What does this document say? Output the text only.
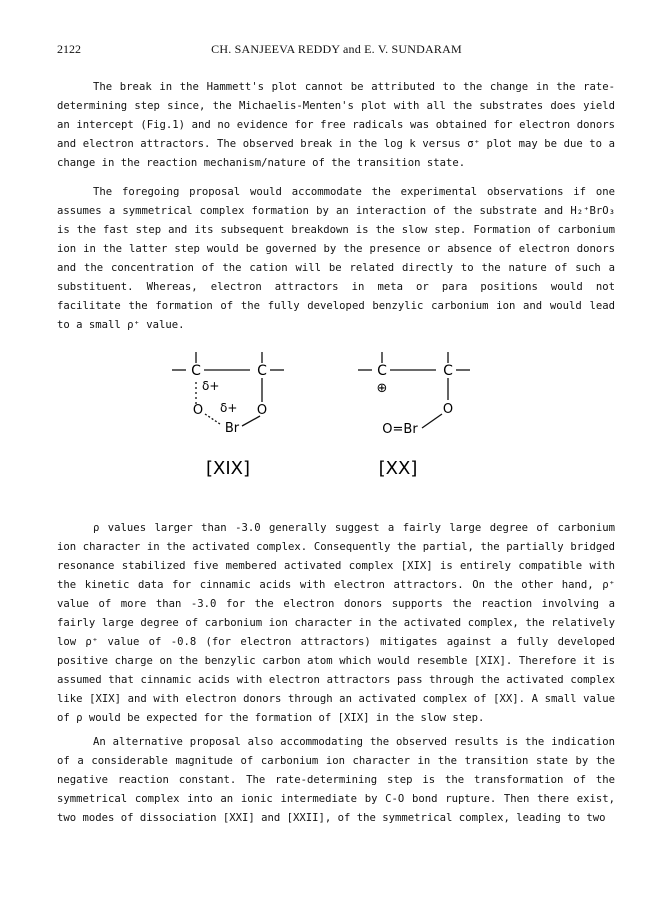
2122	CH. SANJEEVA REDDY and E. V. SUNDARAM

The break in the Hammett's plot cannot be attributed to the change in the rate-determining step since, the Michaelis-Menten's plot with all the substrates does yield an intercept (Fig.1) and no evidence for free radicals was obtained for electron donors and electron attractors. The observed break in the log k versus σ⁺ plot may be due to a change in the reaction mechanism/nature of the transition state.

The foregoing proposal would accommodate the experimental observations if one assumes a symmetrical complex formation by an interaction of the substrate and H₂⁺BrO₃ is the fast step and its subsequent breakdown is the slow step. Formation of carbonium ion in the latter step would be governed by the presence or absence of electron donors and the concentration of the cation will be related directly to the nature of such a substituent. Whereas, electron attractors in meta or para positions would not facilitate the formation of the fully developed benzylic carbonium ion and would lead to a small ρ⁺ value.

C	C
δ+
O
O δ+
Br
[XIX]
C	C
⊕
O
O=Br
[XX]

ρ values larger than -3.0 generally suggest a fairly large degree of carbonium ion character in the activated complex. Consequently the partial, the partially bridged resonance stabilized five membered activated complex [XIX] is entirely compatible with the kinetic data for cinnamic acids with electron attractors. On the other hand, ρ⁺ value of more than -3.0 for the electron donors supports the reaction involving a fairly large degree of carbonium ion character in the activated complex, the relatively low ρ⁺ value of -0.8 (for electron attractors) mitigates against a fully developed positive charge on the benzylic carbon atom which would resemble [XIX]. Therefore it is assumed that cinnamic acids with electron attractors pass through the activated complex like [XIX] and with electron donors through an activated complex of [XX]. A small value of ρ would be expected for the formation of [XIX] in the slow step.

An alternative proposal also accommodating the observed results is the indication of a considerable magnitude of carbonium ion character in the transition state by the negative reaction constant. The rate-determining step is the transformation of the symmetrical complex into an ionic intermediate by C-O bond rupture. Then there exist, two modes of dissociation [XXI] and [XXII], of the symmetrical complex, leading to two
